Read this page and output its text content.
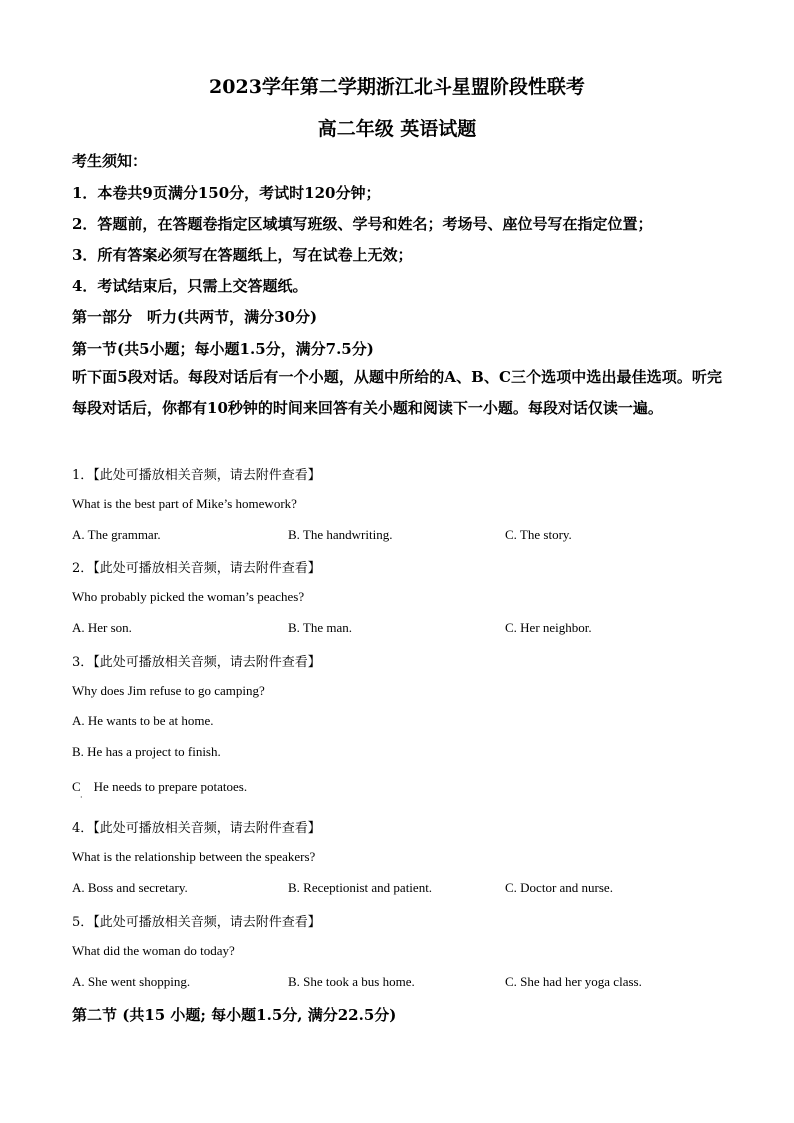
2023学年第二学期浙江北斗星盟阶段性联考
高二年级 英语试题
考生须知：
1．本卷共9页满分150分，考试时120分钟；
2．答题前，在答题卷指定区域填写班级、学号和姓名；考场号、座位号写在指定位置；
3．所有答案必须写在答题纸上，写在试卷上无效；
4．考试结束后，只需上交答题纸。
第一部分　听力(共两节，满分30分)
第一节(共5小题；每小题1.5分，满分7.5分)
听下面5段对话。每段对话后有一个小题，从题中所给的A、B、C三个选项中选出最佳选项。听完每段对话后，你都有10秒钟的时间来回答有关小题和阅读下一小题。每段对话仅读一遍。
1．【此处可播放相关音频，请去附件查看】
What is the best part of Mike’s homework?
A. The grammar.	B. The handwriting.	C. The story.
2．【此处可播放相关音频，请去附件查看】
Who probably picked the woman’s peaches?
A. Her son.	B. The man.	C. Her neighbor.
3．【此处可播放相关音频，请去附件查看】
Why does Jim refuse to go camping?
A. He wants to be at home.
B. He has a project to finish.
C　He needs to prepare potatoes.
·
4．【此处可播放相关音频，请去附件查看】
What is the relationship between the speakers?
A. Boss and secretary.	B. Receptionist and patient.	C. Doctor and nurse.
5．【此处可播放相关音频，请去附件查看】
What did the woman do today?
A. She went shopping.	B. She took a bus home.	C. She had her yoga class.
第二节 (共15 小题; 每小题1.5分, 满分22.5分)
